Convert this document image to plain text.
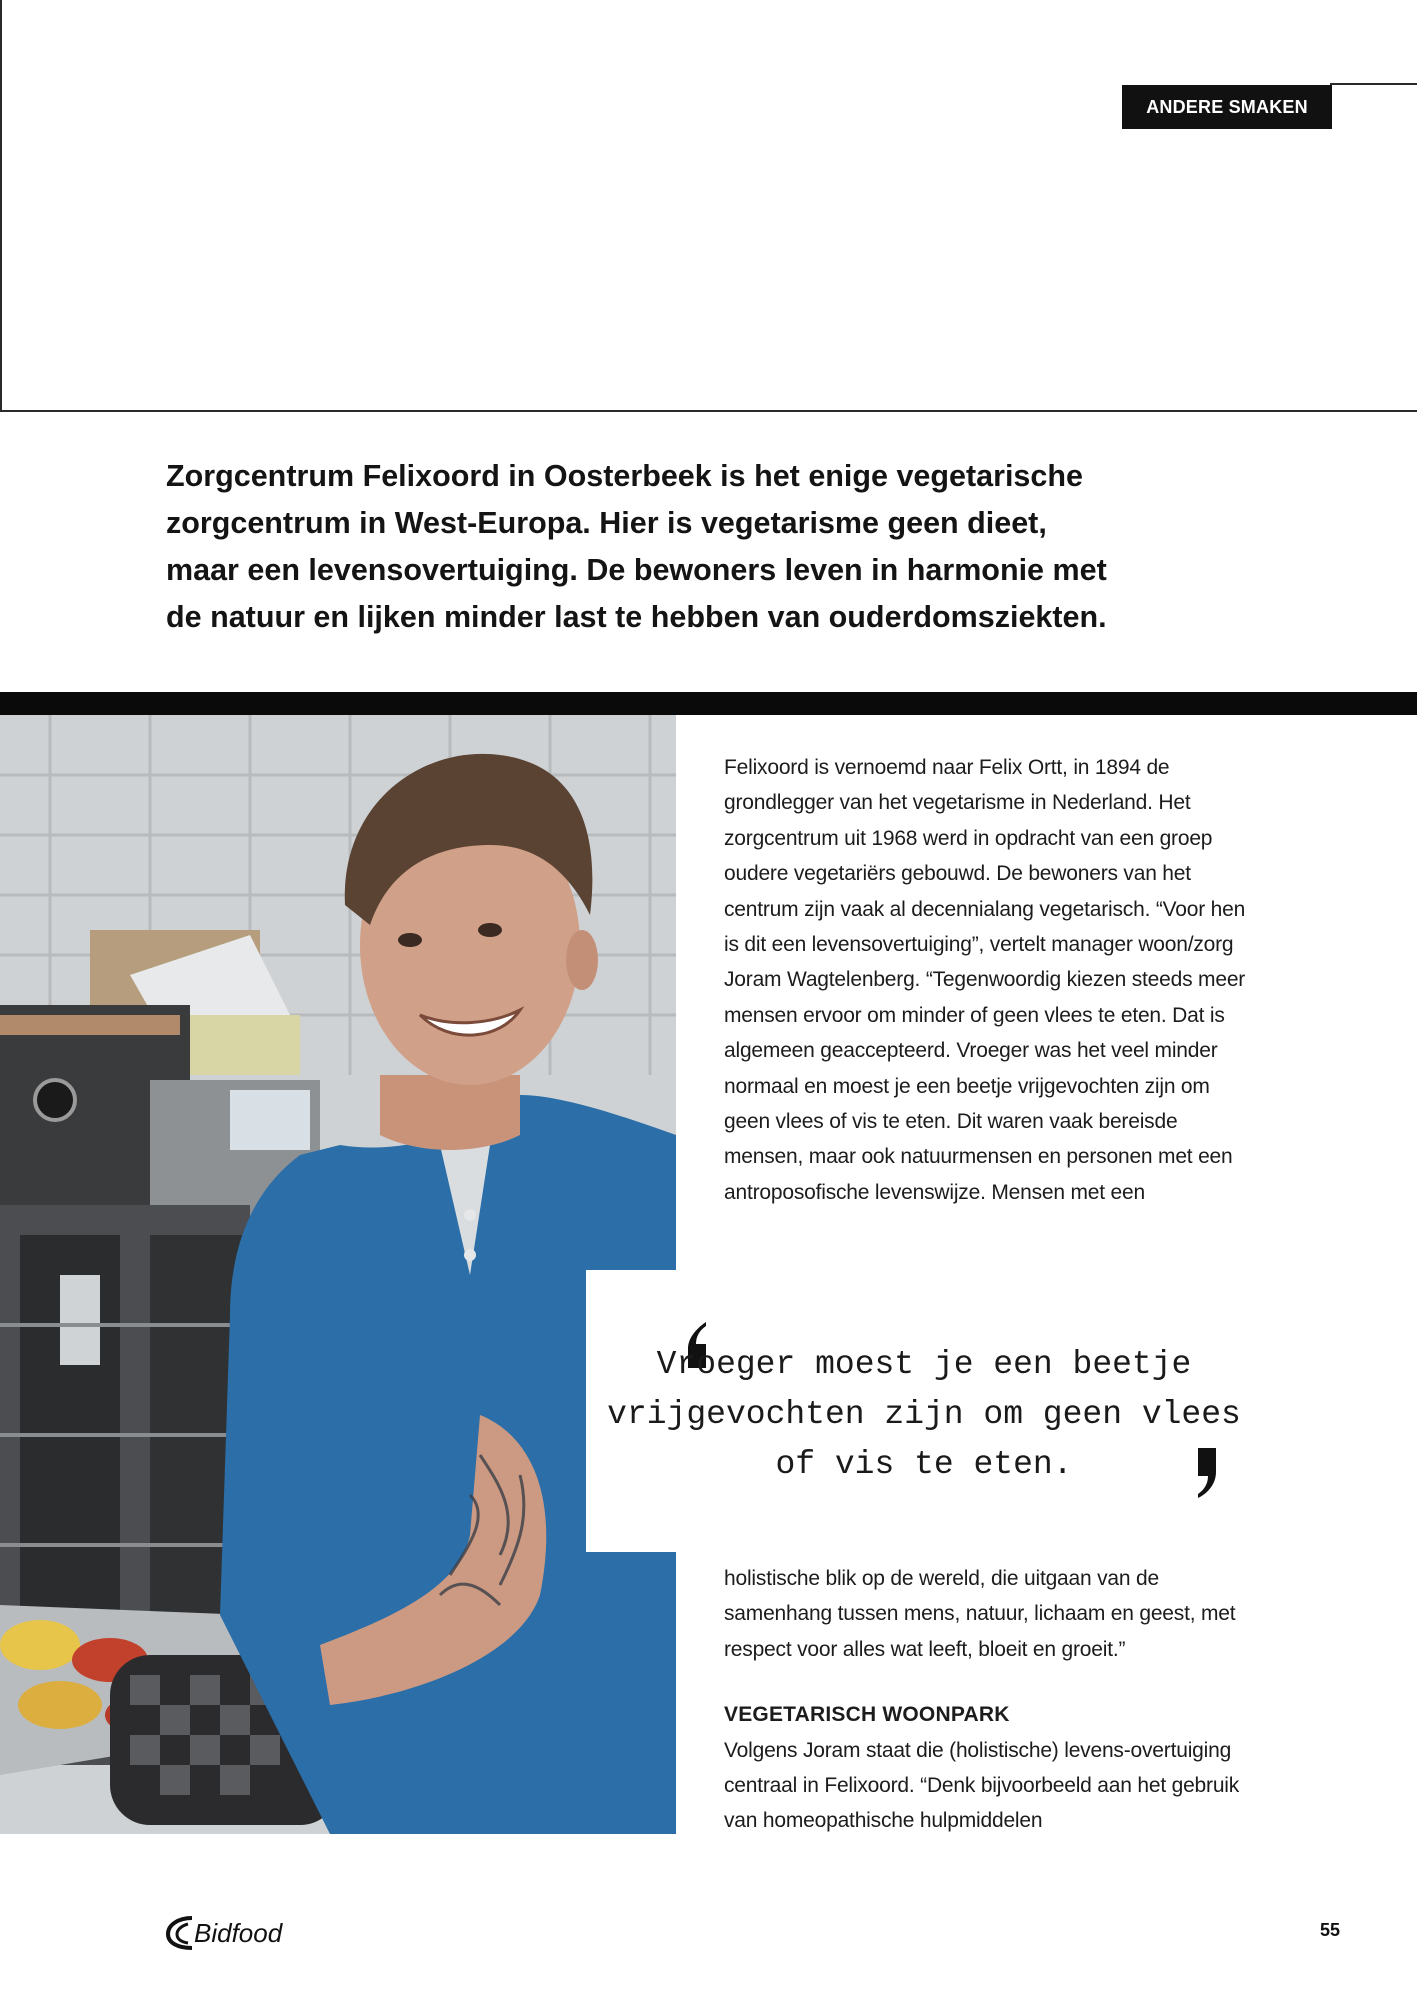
ANDERE SMAKEN

Zorgcentrum Felixoord in Oosterbeek is het enige vegetarische
zorgcentrum in West-Europa. Hier is vegetarisme geen dieet,
maar een levensovertuiging. De bewoners leven in harmonie met
de natuur en lijken minder last te hebben van ouderdomsziekten.

Felixoord is vernoemd naar Felix Ortt, in 1894 de grondlegger van het vegetarisme in Nederland. Het zorgcentrum uit 1968 werd in opdracht van een groep oudere vegetariërs gebouwd. De bewoners van het centrum zijn vaak al decennialang vegetarisch. “Voor hen is dit een levensovertuiging”, vertelt manager woon/zorg Joram Wagtelenberg. “Tegenwoordig kiezen steeds meer mensen ervoor om minder of geen vlees te eten. Dat is algemeen geaccepteerd. Vroeger was het veel minder normaal en moest je een beetje vrijgevochten zijn om geen vlees of vis te eten. Dit waren vaak bereisde mensen, maar ook natuurmensen en personen met een antroposofische levenswijze. Mensen met een

Vroeger moest je een beetje vrijgevochten zijn om geen vlees of vis te eten.

holistische blik op de wereld, die uitgaan van de samenhang tussen mens, natuur, lichaam en geest, met respect voor alles wat leeft, bloeit en groeit.”
VEGETARISCH WOONPARK
Volgens Joram staat die (holistische) levens-overtuiging centraal in Felixoord. “Denk bijvoorbeeld aan het gebruik van homeopathische hulpmiddelen
Bidfood	55
